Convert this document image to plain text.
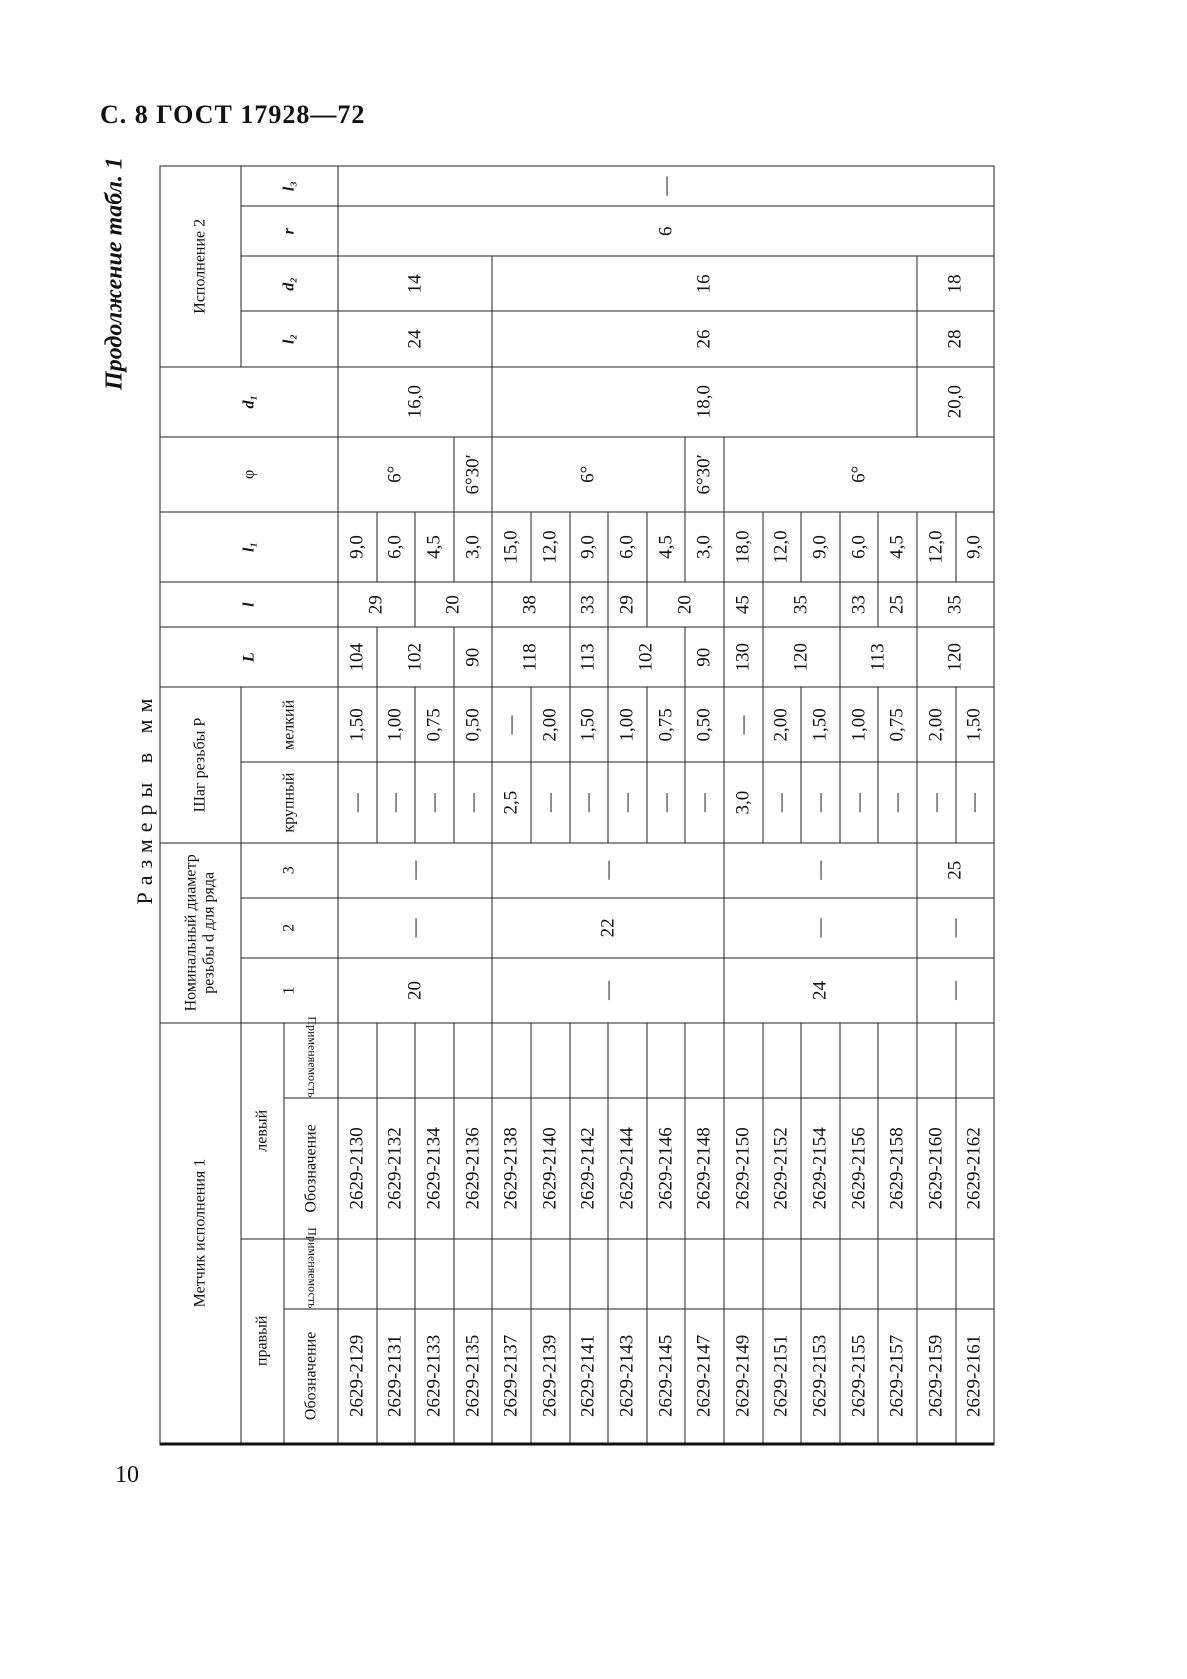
С. 8 ГОСТ 17928—72
Продолжение табл. 1
Размеры в мм
Метчик исполнения 1				Номинальный диаметр резьбы d для ряда			Шаг резьбы P		L	l	l₁	φ	d₁	Исполнение 2			
правый		левый		1	2	3	крупный	мелкий						l₂	d₂	r	l₃
Обозначение	Применяемость	Обозначение	Применяемость														
2629-2129		2629-2130		20	—	—	—	1,50	104	29	9,0	6°	16,0	24	14	6	—
2629-2131		2629-2132					—	1,00	102		6,0						
2629-2133		2629-2134					—	0,75		20	4,5						
2629-2135		2629-2136					—	0,50	90		3,0	6°30′					
2629-2137		2629-2138		—	22	—	2,5	—	118	38	15,0	6°	18,0	26	16		
2629-2139		2629-2140					—	2,00			12,0						
2629-2141		2629-2142					—	1,50	113	33	9,0						
2629-2143		2629-2144					—	1,00	102	29	6,0						
2629-2145		2629-2146					—	0,75		20	4,5						
2629-2147		2629-2148					—	0,50	90		3,0	6°30′					
2629-2149		2629-2150		24	—	—	3,0	—	130	45	18,0	6°					
2629-2151		2629-2152					—	2,00	120	35	12,0						
2629-2153		2629-2154					—	1,50			9,0						
2629-2155		2629-2156					—	1,00	113	33	6,0						
2629-2157		2629-2158					—	0,75		25	4,5						
2629-2159		2629-2160		—	—	25	—	2,00	120	35	12,0		20,0	28	18		
2629-2161		2629-2162					—	1,50			9,0						
10
